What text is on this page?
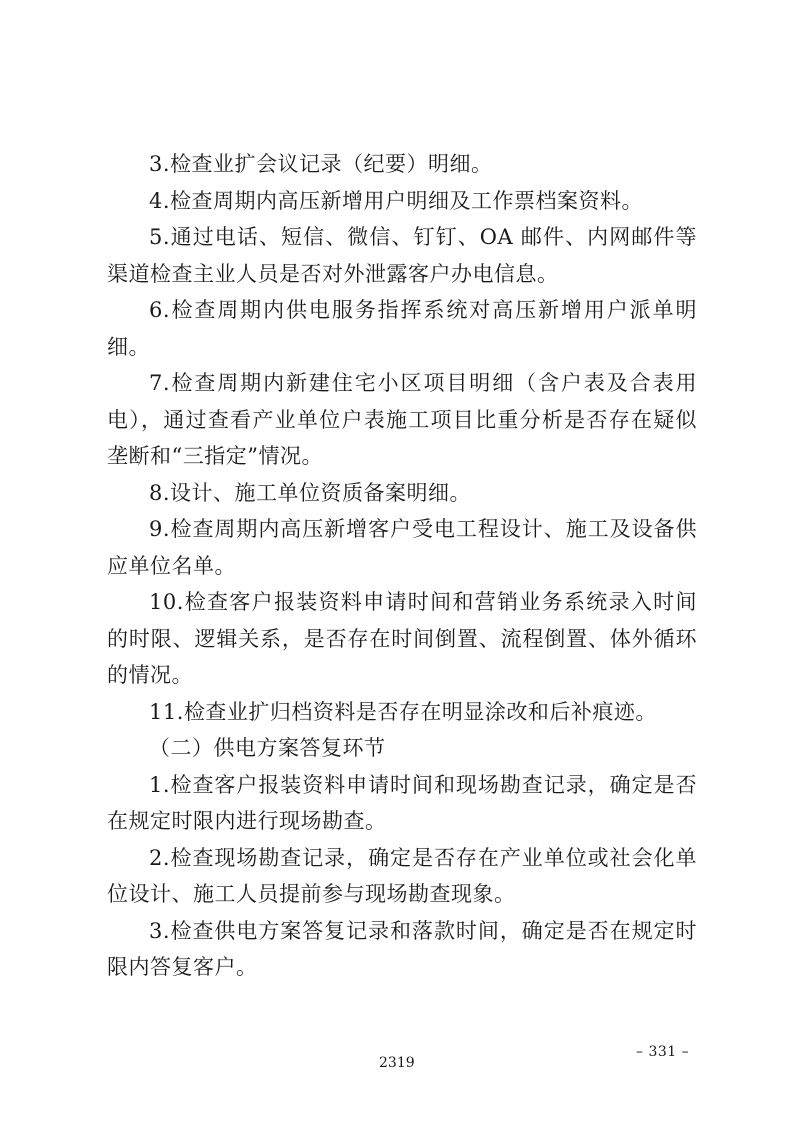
3.检查业扩会议记录（纪要）明细。

4.检查周期内高压新增用户明细及工作票档案资料。

5.通过电话、短信、微信、钉钉、OA 邮件、内网邮件等渠道检查主业人员是否对外泄露客户办电信息。

6.检查周期内供电服务指挥系统对高压新增用户派单明细。

7.检查周期内新建住宅小区项目明细（含户表及合表用电），通过查看产业单位户表施工项目比重分析是否存在疑似垄断和“三指定”情况。

8.设计、施工单位资质备案明细。

9.检查周期内高压新增客户受电工程设计、施工及设备供应单位名单。

10.检查客户报装资料申请时间和营销业务系统录入时间的时限、逻辑关系，是否存在时间倒置、流程倒置、体外循环的情况。

11.检查业扩归档资料是否存在明显涂改和后补痕迹。

（二）供电方案答复环节

1.检查客户报装资料申请时间和现场勘查记录，确定是否在规定时限内进行现场勘查。

2.检查现场勘查记录，确定是否存在产业单位或社会化单位设计、施工人员提前参与现场勘查现象。

3.检查供电方案答复记录和落款时间，确定是否在规定时限内答复客户。

– 331 –
2319
